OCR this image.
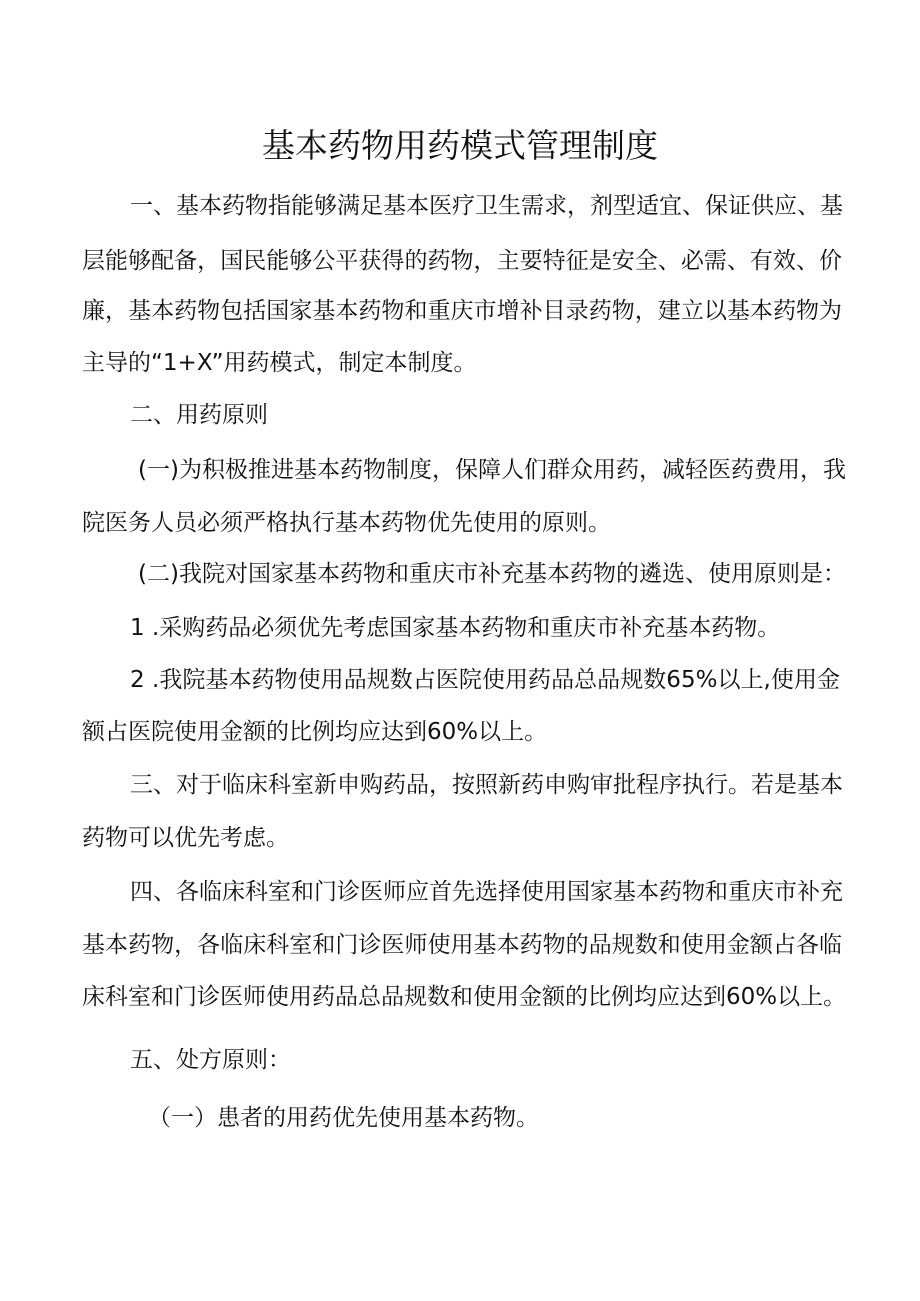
基本药物用药模式管理制度
一、基本药物指能够满足基本医疗卫生需求，剂型适宜、保证供应、基
层能够配备，国民能够公平获得的药物，主要特征是安全、必需、有效、价
廉，基本药物包括国家基本药物和重庆市增补目录药物，建立以基本药物为
主导的“1+X”用药模式，制定本制度。
二、用药原则
(一)为积极推进基本药物制度，保障人们群众用药，减轻医药费用，我
院医务人员必须严格执行基本药物优先使用的原则。
(二)我院对国家基本药物和重庆市补充基本药物的遴选、使用原则是：
1 .采购药品必须优先考虑国家基本药物和重庆市补充基本药物。
2 .我院基本药物使用品规数占医院使用药品总品规数65%以上,使用金
额占医院使用金额的比例均应达到60%以上。
三、对于临床科室新申购药品，按照新药申购审批程序执行。若是基本
药物可以优先考虑。
四、各临床科室和门诊医师应首先选择使用国家基本药物和重庆市补充
基本药物，各临床科室和门诊医师使用基本药物的品规数和使用金额占各临
床科室和门诊医师使用药品总品规数和使用金额的比例均应达到60%以上。
五、处方原则：
（一）患者的用药优先使用基本药物。
